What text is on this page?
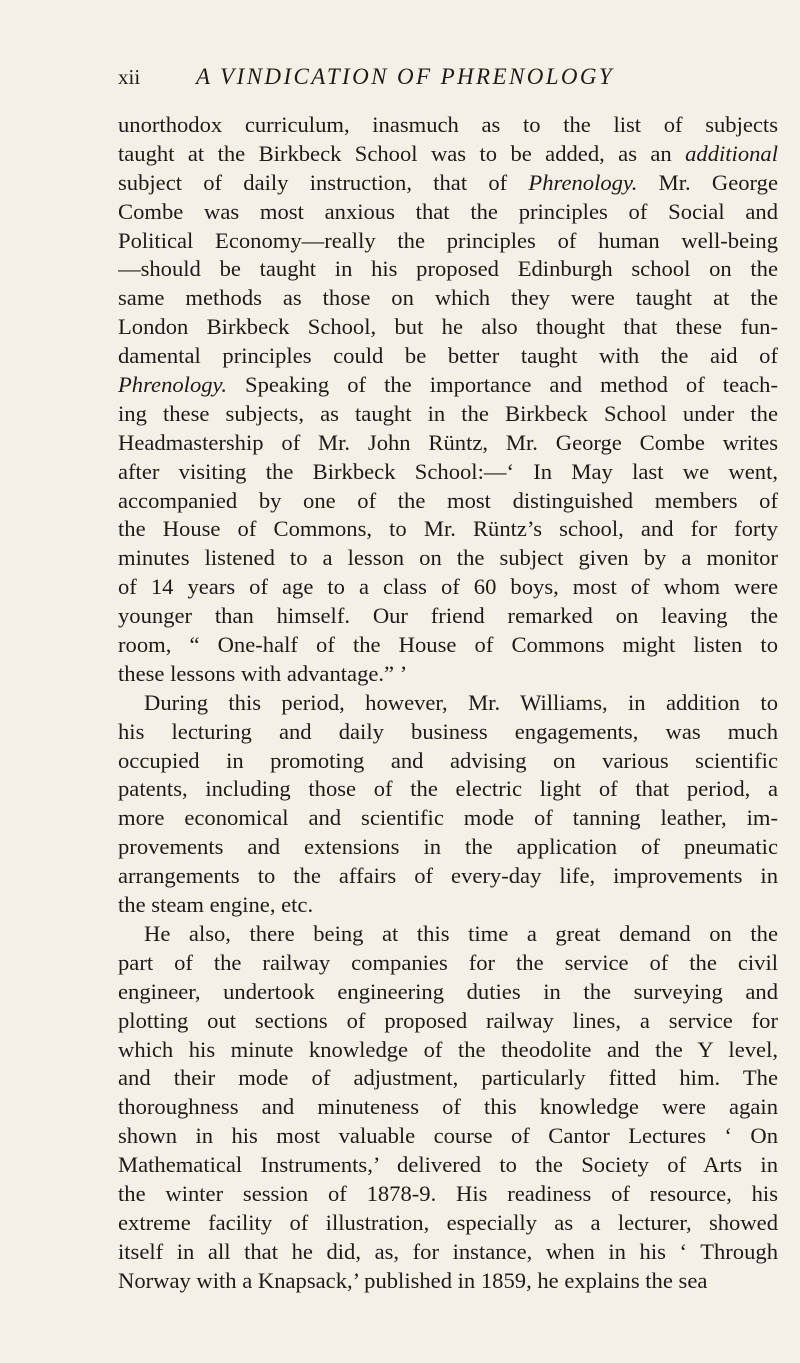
xii A VINDICATION OF PHRENOLOGY
unorthodox curriculum, inasmuch as to the list of subjects
taught at the Birkbeck School was to be added, as an additional
subject of daily instruction, that of Phrenology. Mr. George
Combe was most anxious that the principles of Social and
Political Economy—really the principles of human well-being
—should be taught in his proposed Edinburgh school on the
same methods as those on which they were taught at the
London Birkbeck School, but he also thought that these fun-
damental principles could be better taught with the aid of
Phrenology. Speaking of the importance and method of teach-
ing these subjects, as taught in the Birkbeck School under the
Headmastership of Mr. John Rüntz, Mr. George Combe writes
after visiting the Birkbeck School:—‘ In May last we went,
accompanied by one of the most distinguished members of
the House of Commons, to Mr. Rüntz’s school, and for forty
minutes listened to a lesson on the subject given by a monitor
of 14 years of age to a class of 60 boys, most of whom were
younger than himself. Our friend remarked on leaving the
room, “ One-half of the House of Commons might listen to
these lessons with advantage.” ’
During this period, however, Mr. Williams, in addition to
his lecturing and daily business engagements, was much
occupied in promoting and advising on various scientific
patents, including those of the electric light of that period, a
more economical and scientific mode of tanning leather, im-
provements and extensions in the application of pneumatic
arrangements to the affairs of every-day life, improvements in
the steam engine, etc.
He also, there being at this time a great demand on the
part of the railway companies for the service of the civil
engineer, undertook engineering duties in the surveying and
plotting out sections of proposed railway lines, a service for
which his minute knowledge of the theodolite and the Y level,
and their mode of adjustment, particularly fitted him. The
thoroughness and minuteness of this knowledge were again
shown in his most valuable course of Cantor Lectures ‘ On
Mathematical Instruments,’ delivered to the Society of Arts in
the winter session of 1878-9. His readiness of resource, his
extreme facility of illustration, especially as a lecturer, showed
itself in all that he did, as, for instance, when in his ‘ Through
Norway with a Knapsack,’ published in 1859, he explains the sea
